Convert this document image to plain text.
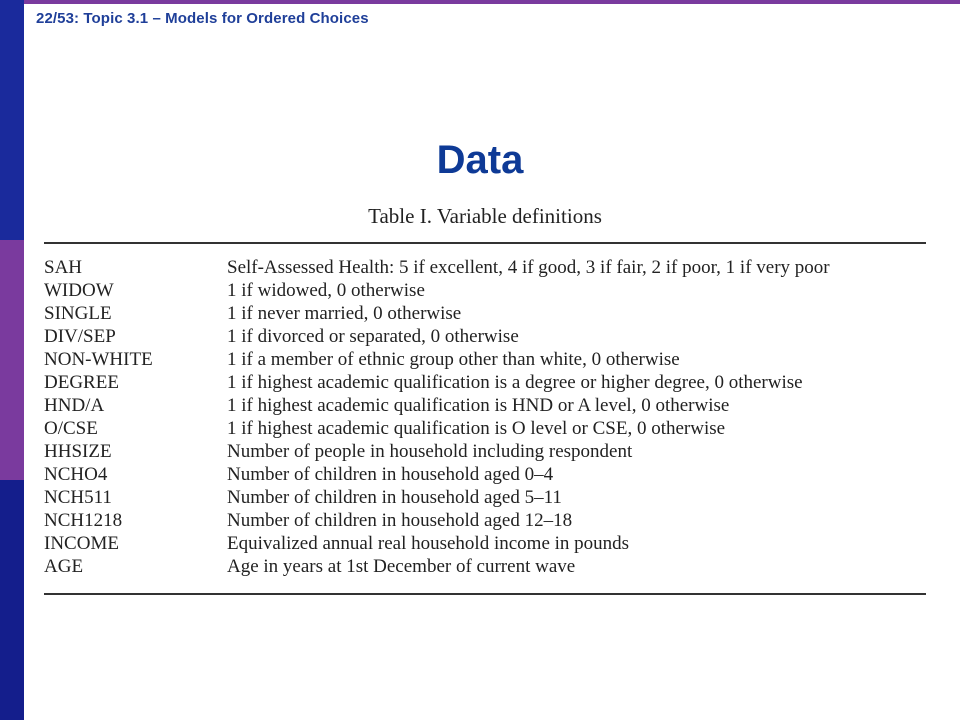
22/53: Topic 3.1 – Models for Ordered Choices
Data
Table I. Variable definitions
SAH	Self-Assessed Health: 5 if excellent, 4 if good, 3 if fair, 2 if poor, 1 if very poor
WIDOW	1 if widowed, 0 otherwise
SINGLE	1 if never married, 0 otherwise
DIV/SEP	1 if divorced or separated, 0 otherwise
NON-WHITE	1 if a member of ethnic group other than white, 0 otherwise
DEGREE	1 if highest academic qualification is a degree or higher degree, 0 otherwise
HND/A	1 if highest academic qualification is HND or A level, 0 otherwise
O/CSE	1 if highest academic qualification is O level or CSE, 0 otherwise
HHSIZE	Number of people in household including respondent
NCHO4	Number of children in household aged 0–4
NCH511	Number of children in household aged 5–11
NCH1218	Number of children in household aged 12–18
INCOME	Equivalized annual real household income in pounds
AGE	Age in years at 1st December of current wave
